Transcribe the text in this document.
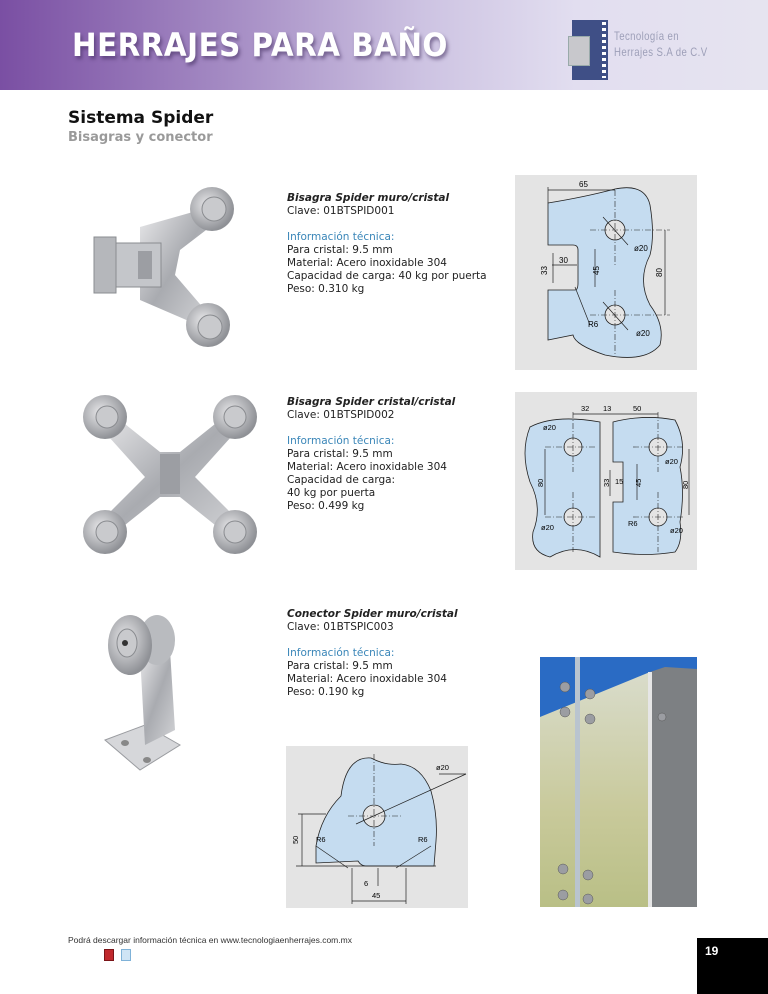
HERRAJES PARA BAÑO	Tecnología en
Herrajes S.A de C.V
Sistema Spider
Bisagras y conector
Bisagra Spider muro/cristal
Clave: 01BTSPID001
Información técnica:
Para cristal: 9.5 mm
Material: Acero inoxidable 304
Capacidad de carga: 40 kg por puerta
Peso: 0.310 kg
65
30
ø20
ø20
R6
33	45	80
Bisagra Spider cristal/cristal
Clave: 01BTSPID002
Información técnica:
Para cristal: 9.5 mm
Material: Acero inoxidable 304
Capacidad de carga:
40 kg por puerta
Peso: 0.499 kg
32 13	50
ø20
ø20
ø20
ø20
R6
15
80	33	45	80
Conector Spider muro/cristal
Clave: 01BTSPIC003
Información técnica:
Para cristal: 9.5 mm
Material: Acero inoxidable 304
Peso: 0.190 kg
ø20
R6	R6
6
45
50
Podrá descargar información técnica en www.tecnologiaenherrajes.com.mx
19
